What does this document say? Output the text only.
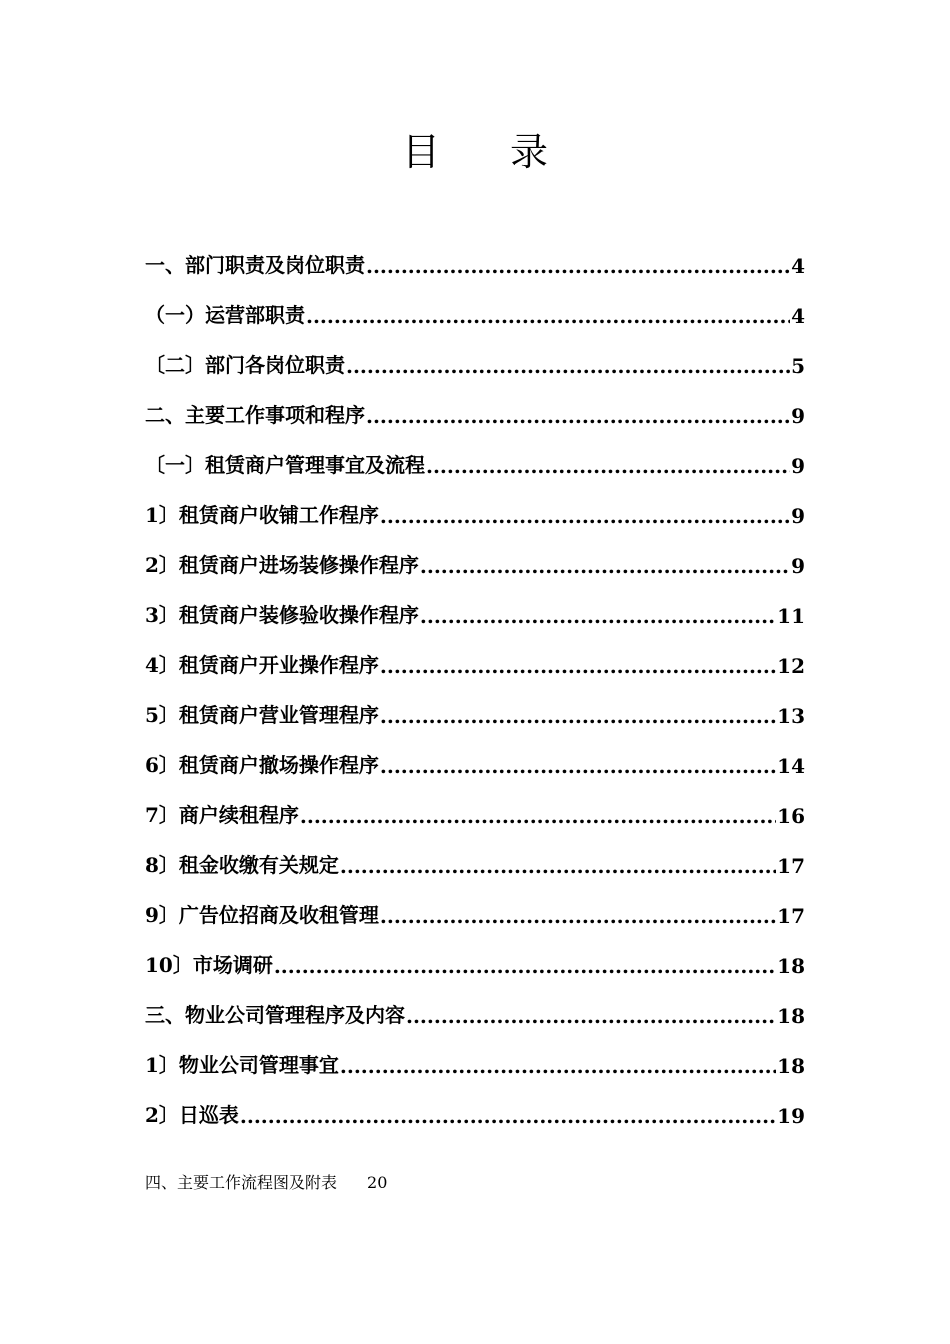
目 录
一、部门职责及岗位职责 .....	4
（一）运营部职责 .....	4
〔二〕部门各岗位职责 .....	5
二、主要工作事项和程序 .....	9
〔一〕租赁商户管理事宜及流程 .....	9
1〕租赁商户收铺工作程序 .....	9
2〕租赁商户进场装修操作程序 .....	9
3〕租赁商户装修验收操作程序 .....	11
4〕租赁商户开业操作程序 .....	12
5〕租赁商户营业管理程序 .....	13
6〕租赁商户撤场操作程序 .....	14
7〕商户续租程序 .....	16
8〕租金收缴有关规定 .....	17
9〕广告位招商及收租管理 .....	17
10〕市场调研 .....	18
三、物业公司管理程序及内容 .....	18
1〕物业公司管理事宜 .....	18
2〕日巡表 .....	19
四、主要工作流程图及附表 20
